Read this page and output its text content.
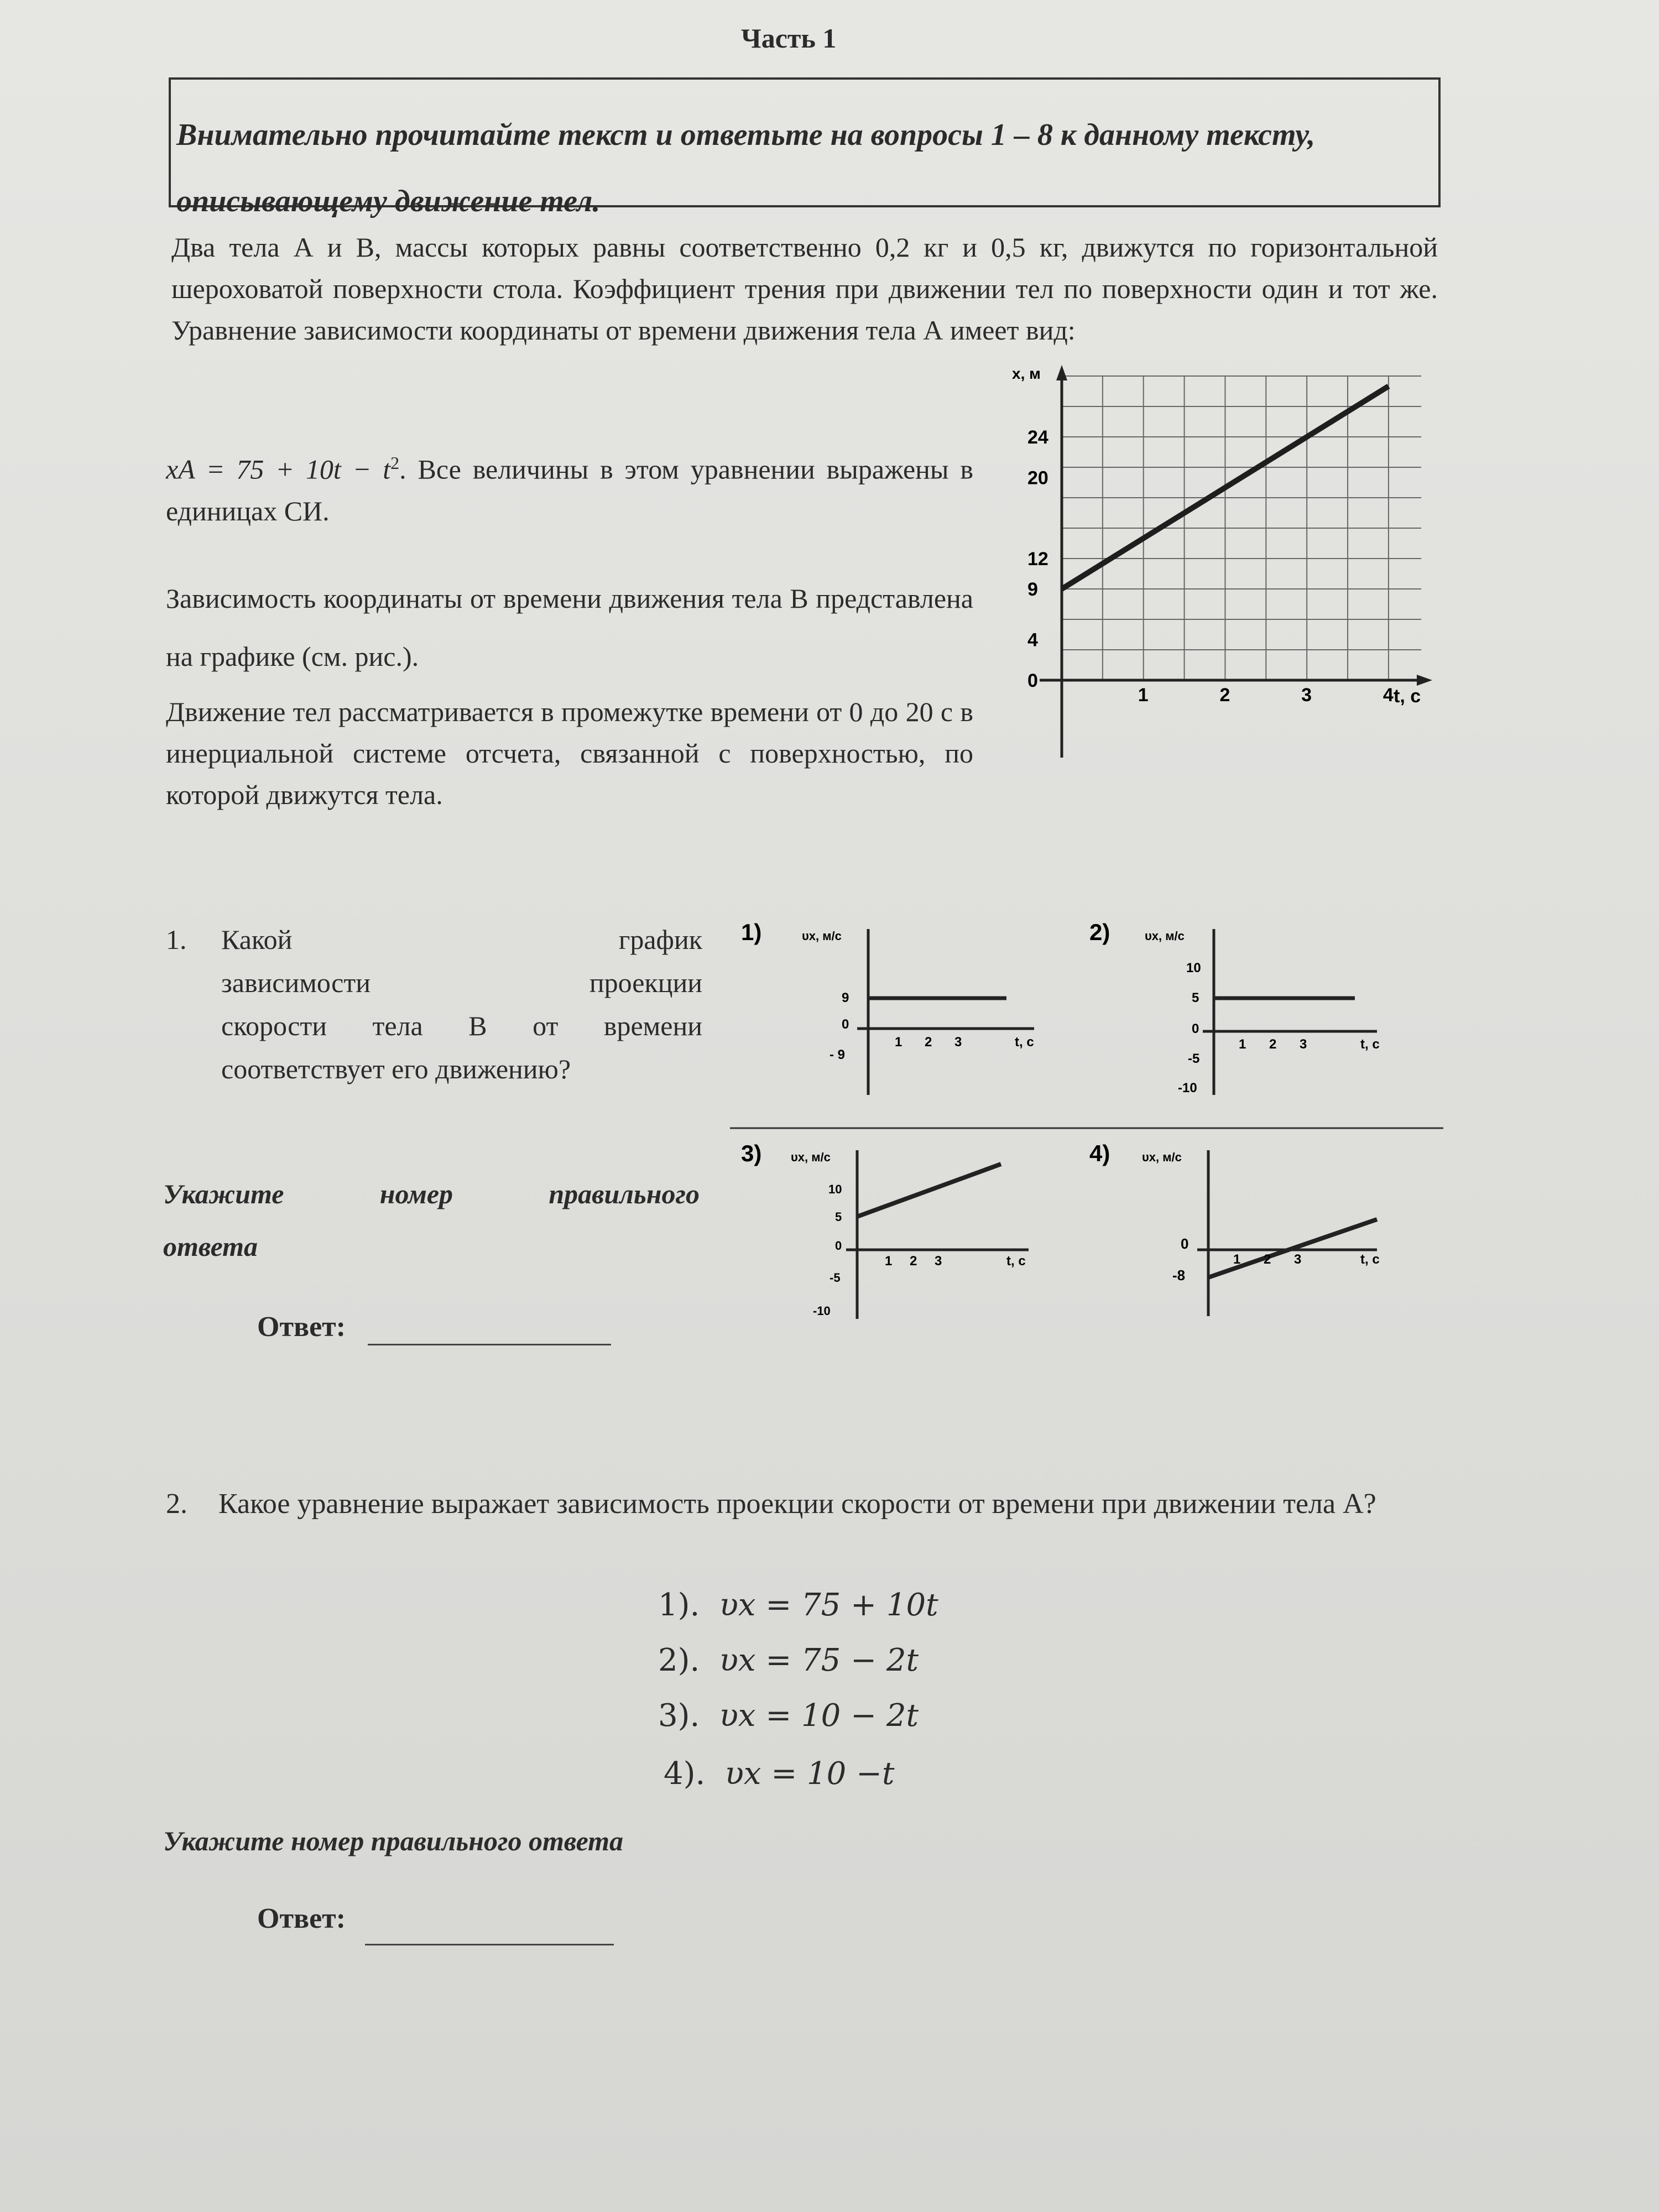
Часть 1
Внимательно прочитайте текст и ответьте на вопросы 1 – 8 к данному тексту, описывающему движение тел.
Два тела А и В, массы которых равны соответственно 0,2 кг и 0,5 кг, движутся по горизонтальной шероховатой поверхности стола. Коэффициент трения при движении тел по поверхности один и тот же. Уравнение зависимости координаты от времени движения тела А имеет вид:
xA = $75 + 10t - t^2$. Все величины в этом уравнении выражены в единицах СИ.
Зависимость координаты от времени движения тела В представлена на графике (см. рис.).
Движение тел рассматривается в промежутке времени от 0 до 20 с в инерциальной системе отсчета, связанной с поверхностью, по которой движутся тела.
x, м
t, c
24
20
12
9
4
0
1	2	3	4
1. Какой график
зависимости проекции
скорости тела В от времени
соответствует его движению?
1)	υx, м/с
9
0
- 9
1 2 3	t, c
2)	υx, м/с
10
5
0
-5
-10
1 2 3	t, c
3) υx, м/с
10
5
0
-5
-10
1 2 3	t, c
4)	υx, м/с
0
-8
1 2 3	t, c
Укажите номер правильного
ответа
Ответ:
2. Какое уравнение выражает зависимость проекции скорости от времени при движении тела А?
1). υx = 75 + 10t
2). υx = 75 − 2t
3). υx = 10 − 2t
4). υx = 10 −t
Укажите номер правильного ответа
Ответ:
